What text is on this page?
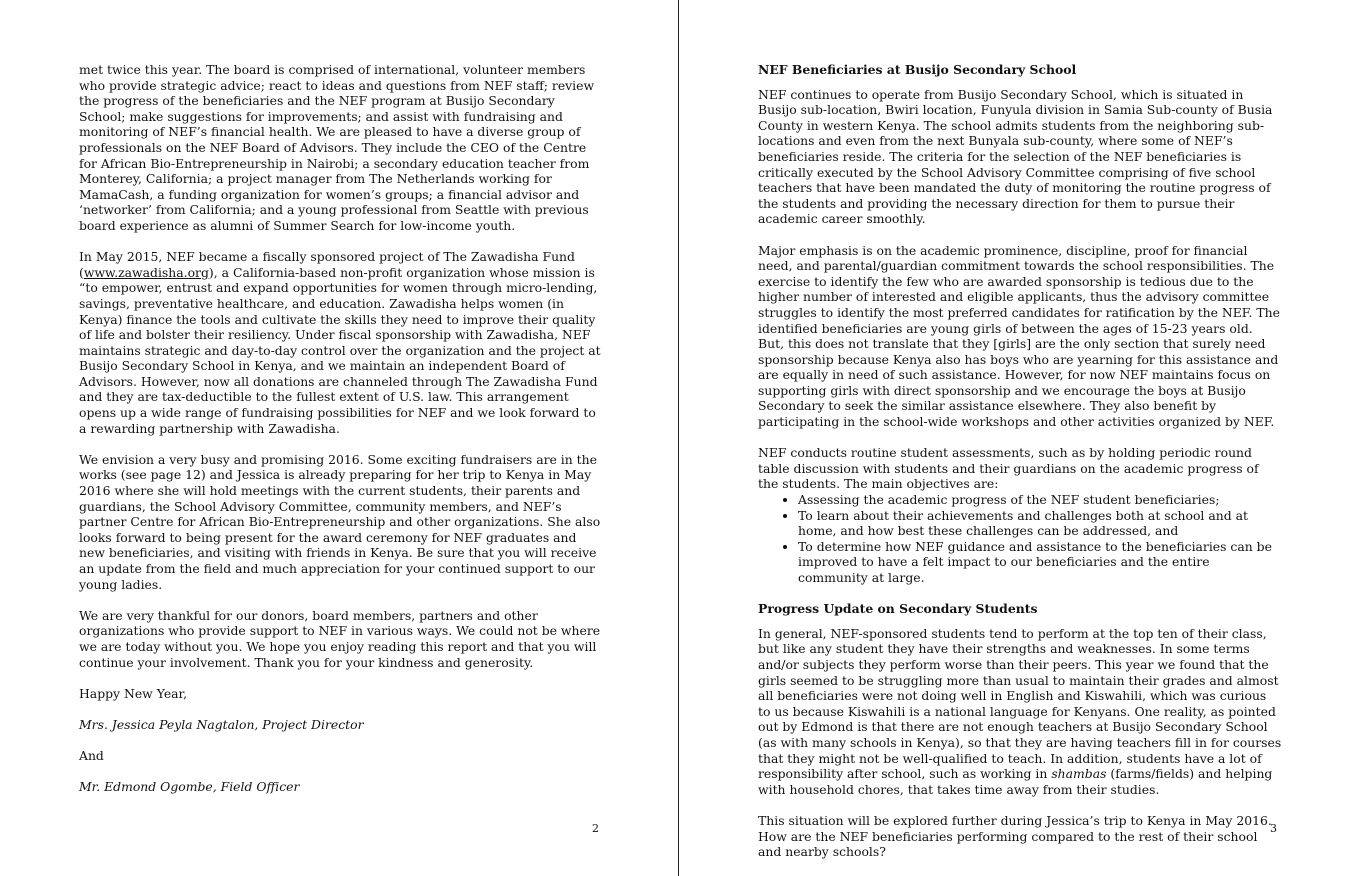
met twice this year. The board is comprised of international, volunteer members who provide strategic advice; react to ideas and questions from NEF staff; review the progress of the beneficiaries and the NEF program at Busijo Secondary School; make suggestions for improvements; and assist with fundraising and monitoring of NEF’s financial health. We are pleased to have a diverse group of professionals on the NEF Board of Advisors. They include the CEO of the Centre for African Bio-Entrepreneurship in Nairobi; a secondary education teacher from Monterey, California; a project manager from The Netherlands working for MamaCash, a funding organization for women’s groups; a financial advisor and ‘networker’ from California; and a young professional from Seattle with previous board experience as alumni of Summer Search for low-income youth.

In May 2015, NEF became a fiscally sponsored project of The Zawadisha Fund (www.zawadisha.org), a California-based non-profit organization whose mission is “to empower, entrust and expand opportunities for women through micro-lending, savings, preventative healthcare, and education. Zawadisha helps women (in Kenya) finance the tools and cultivate the skills they need to improve their quality of life and bolster their resiliency. Under fiscal sponsorship with Zawadisha, NEF maintains strategic and day-to-day control over the organization and the project at Busijo Secondary School in Kenya, and we maintain an independent Board of Advisors. However, now all donations are channeled through The Zawadisha Fund and they are tax-deductible to the fullest extent of U.S. law. This arrangement opens up a wide range of fundraising possibilities for NEF and we look forward to a rewarding partnership with Zawadisha.

We envision a very busy and promising 2016. Some exciting fundraisers are in the works (see page 12) and Jessica is already preparing for her trip to Kenya in May 2016 where she will hold meetings with the current students, their parents and guardians, the School Advisory Committee, community members, and NEF’s partner Centre for African Bio-Entrepreneurship and other organizations. She also looks forward to being present for the award ceremony for NEF graduates and new beneficiaries, and visiting with friends in Kenya. Be sure that you will receive an update from the field and much appreciation for your continued support to our young ladies.

We are very thankful for our donors, board members, partners and other organizations who provide support to NEF in various ways. We could not be where we are today without you. We hope you enjoy reading this report and that you will continue your involvement. Thank you for your kindness and generosity.

Happy New Year,

Mrs. Jessica Peyla Nagtalon, Project Director

And

Mr. Edmond Ogombe, Field Officer

2
NEF Beneficiaries at Busijo Secondary School

NEF continues to operate from Busijo Secondary School, which is situated in Busijo sub-location, Bwiri location, Funyula division in Samia Sub-county of Busia County in western Kenya. The school admits students from the neighboring sub-locations and even from the next Bunyala sub-county, where some of NEF’s beneficiaries reside. The criteria for the selection of the NEF beneficiaries is critically executed by the School Advisory Committee comprising of five school teachers that have been mandated the duty of monitoring the routine progress of the students and providing the necessary direction for them to pursue their academic career smoothly.

Major emphasis is on the academic prominence, discipline, proof for financial need, and parental/guardian commitment towards the school responsibilities. The exercise to identify the few who are awarded sponsorship is tedious due to the higher number of interested and eligible applicants, thus the advisory committee struggles to identify the most preferred candidates for ratification by the NEF. The identified beneficiaries are young girls of between the ages of 15-23 years old. But, this does not translate that they [girls] are the only section that surely need sponsorship because Kenya also has boys who are yearning for this assistance and are equally in need of such assistance. However, for now NEF maintains focus on supporting girls with direct sponsorship and we encourage the boys at Busijo Secondary to seek the similar assistance elsewhere. They also benefit by participating in the school-wide workshops and other activities organized by NEF.

NEF conducts routine student assessments, such as by holding periodic round table discussion with students and their guardians on the academic progress of the students. The main objectives are:

• Assessing the academic progress of the NEF student beneficiaries;
• To learn about their achievements and challenges both at school and at home, and how best these challenges can be addressed, and
• To determine how NEF guidance and assistance to the beneficiaries can be improved to have a felt impact to our beneficiaries and the entire community at large.
Progress Update on Secondary Students

In general, NEF-sponsored students tend to perform at the top ten of their class, but like any student they have their strengths and weaknesses. In some terms and/or subjects they perform worse than their peers. This year we found that the girls seemed to be struggling more than usual to maintain their grades and almost all beneficiaries were not doing well in English and Kiswahili, which was curious to us because Kiswahili is a national language for Kenyans. One reality, as pointed out by Edmond is that there are not enough teachers at Busijo Secondary School (as with many schools in Kenya), so that they are having teachers fill in for courses that they might not be well-qualified to teach. In addition, students have a lot of responsibility after school, such as working in shambas (farms/fields) and helping with household chores, that takes time away from their studies.

This situation will be explored further during Jessica’s trip to Kenya in May 2016. How are the NEF beneficiaries performing compared to the rest of their school and nearby schools?

3
